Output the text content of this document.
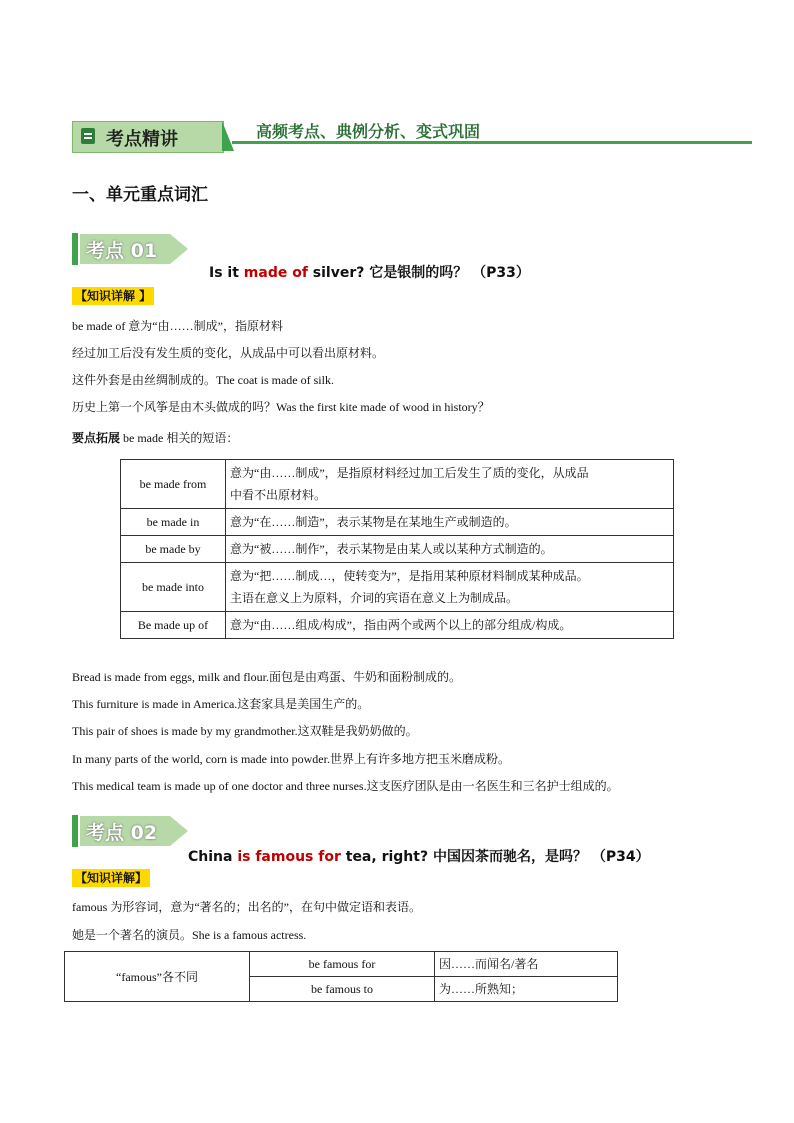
考点精讲	高频考点、典例分析、变式巩固
一、单元重点词汇
考点 01
Is it made of silver? 它是银制的吗？ （P33）
【知识详解 】
be made of 意为“由……制成”，指原材料
经过加工后没有发生质的变化，从成品中可以看出原材料。
这件外套是由丝绸制成的。The coat is made of silk.
历史上第一个风筝是由木头做成的吗？Was the first kite made of wood in history？
要点拓展 be made 相关的短语：
be made from	意为“由……制成”，是指原材料经过加工后发生了质的变化，从成品
中看不出原材料。

be made in	意为“在……制造”，表示某物是在某地生产或制造的。
be made by	意为“被……制作”，表示某物是由某人或以某种方式制造的。
be made into	意为“把……制成…，使转变为”，是指用某种原材料制成某种成品。
主语在意义上为原料，介词的宾语在意义上为制成品。

Be made up of	意为“由……组成/构成”，指由两个或两个以上的部分组成/构成。
Bread is made from eggs, milk and flour.面包是由鸡蛋、牛奶和面粉制成的。
This furniture is made in America.这套家具是美国生产的。
This pair of shoes is made by my grandmother.这双鞋是我奶奶做的。
In many parts of the world, corn is made into powder.世界上有许多地方把玉米磨成粉。
This medical team is made up of one doctor and three nurses.这支医疗团队是由一名医生和三名护士组成的。
考点 02
China is famous for tea, right? 中国因茶而驰名，是吗？ （P34）
【知识详解】
famous 为形容词，意为“著名的；出名的”，在句中做定语和表语。
她是一个著名的演员。She is a famous actress.
“famous”各不同	be famous for	因……而闻名/著名
	be famous to	为……所熟知；
